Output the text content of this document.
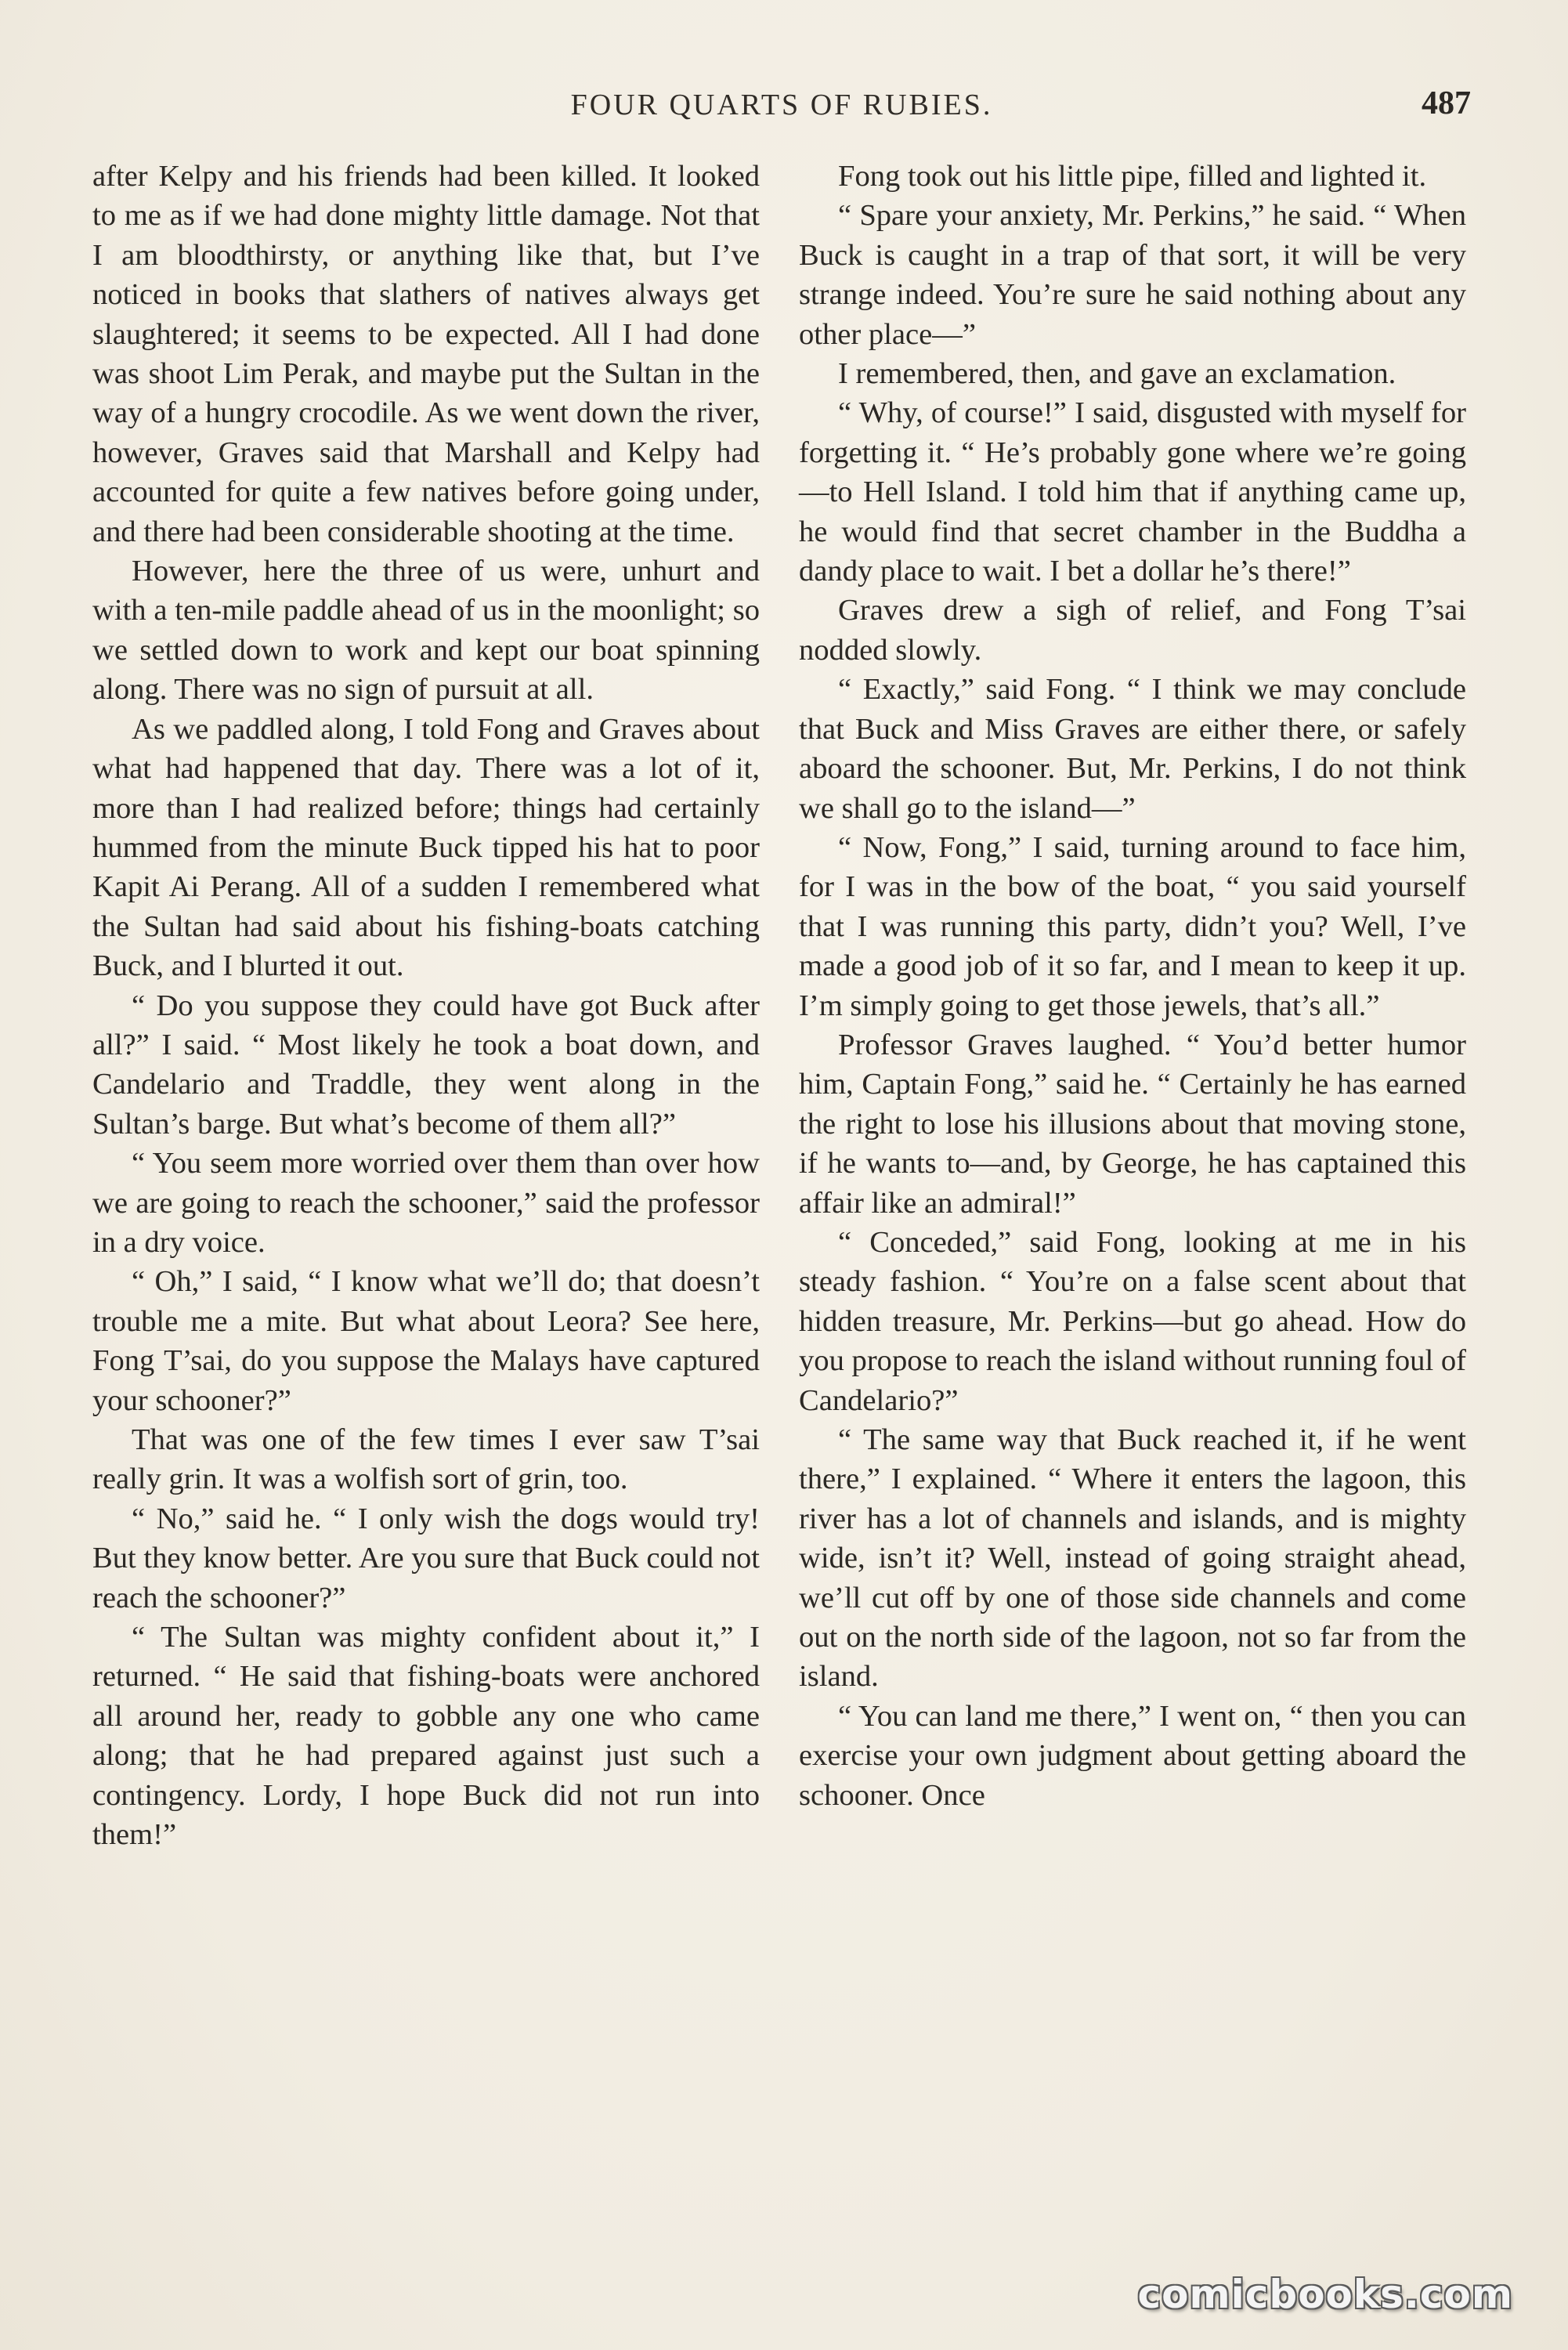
FOUR QUARTS OF RUBIES.	487

after Kelpy and his friends had been killed. It looked to me as if we had done mighty little damage. Not that I am bloodthirsty, or anything like that, but I’ve noticed in books that slathers of natives always get slaughtered; it seems to be expected. All I had done was shoot Lim Perak, and maybe put the Sultan in the way of a hungry crocodile. As we went down the river, however, Graves said that Marshall and Kelpy had accounted for quite a few natives before going under, and there had been considerable shooting at the time.

However, here the three of us were, unhurt and with a ten-mile paddle ahead of us in the moonlight; so we settled down to work and kept our boat spinning along. There was no sign of pursuit at all.

As we paddled along, I told Fong and Graves about what had happened that day. There was a lot of it, more than I had realized before; things had certainly hummed from the minute Buck tipped his hat to poor Kapit Ai Perang. All of a sudden I remembered what the Sultan had said about his fishing-boats catching Buck, and I blurted it out.

“ Do you suppose they could have got Buck after all?” I said. “ Most likely he took a boat down, and Candelario and Traddle, they went along in the Sultan’s barge. But what’s become of them all?”

“ You seem more worried over them than over how we are going to reach the schooner,” said the professor in a dry voice.

“ Oh,” I said, “ I know what we’ll do; that doesn’t trouble me a mite. But what about Leora? See here, Fong T’sai, do you suppose the Malays have captured your schooner?”

That was one of the few times I ever saw T’sai really grin. It was a wolfish sort of grin, too.

“ No,” said he. “ I only wish the dogs would try! But they know better. Are you sure that Buck could not reach the schooner?”

“ The Sultan was mighty confident about it,” I returned. “ He said that fishing-boats were anchored all around her, ready to gobble any one who came along; that he had prepared against just such a contingency. Lordy, I hope Buck did not run into them!”

Fong took out his little pipe, filled and lighted it.

“ Spare your anxiety, Mr. Perkins,” he said. “ When Buck is caught in a trap of that sort, it will be very strange indeed. You’re sure he said nothing about any other place—”

I remembered, then, and gave an exclamation.

“ Why, of course!” I said, disgusted with myself for forgetting it. “ He’s probably gone where we’re going—to Hell Island. I told him that if anything came up, he would find that secret chamber in the Buddha a dandy place to wait. I bet a dollar he’s there!”

Graves drew a sigh of relief, and Fong T’sai nodded slowly.

“ Exactly,” said Fong. “ I think we may conclude that Buck and Miss Graves are either there, or safely aboard the schooner. But, Mr. Perkins, I do not think we shall go to the island—”

“ Now, Fong,” I said, turning around to face him, for I was in the bow of the boat, “ you said yourself that I was running this party, didn’t you? Well, I’ve made a good job of it so far, and I mean to keep it up. I’m simply going to get those jewels, that’s all.”

Professor Graves laughed. “ You’d better humor him, Captain Fong,” said he. “ Certainly he has earned the right to lose his illusions about that moving stone, if he wants to—and, by George, he has captained this affair like an admiral!”

“ Conceded,” said Fong, looking at me in his steady fashion. “ You’re on a false scent about that hidden treasure, Mr. Perkins—but go ahead. How do you propose to reach the island without running foul of Candelario?”

“ The same way that Buck reached it, if he went there,” I explained. “ Where it enters the lagoon, this river has a lot of channels and islands, and is mighty wide, isn’t it? Well, instead of going straight ahead, we’ll cut off by one of those side channels and come out on the north side of the lagoon, not so far from the island.

“ You can land me there,” I went on, “ then you can exercise your own judgment about getting aboard the schooner. Once

comicbooks.com
